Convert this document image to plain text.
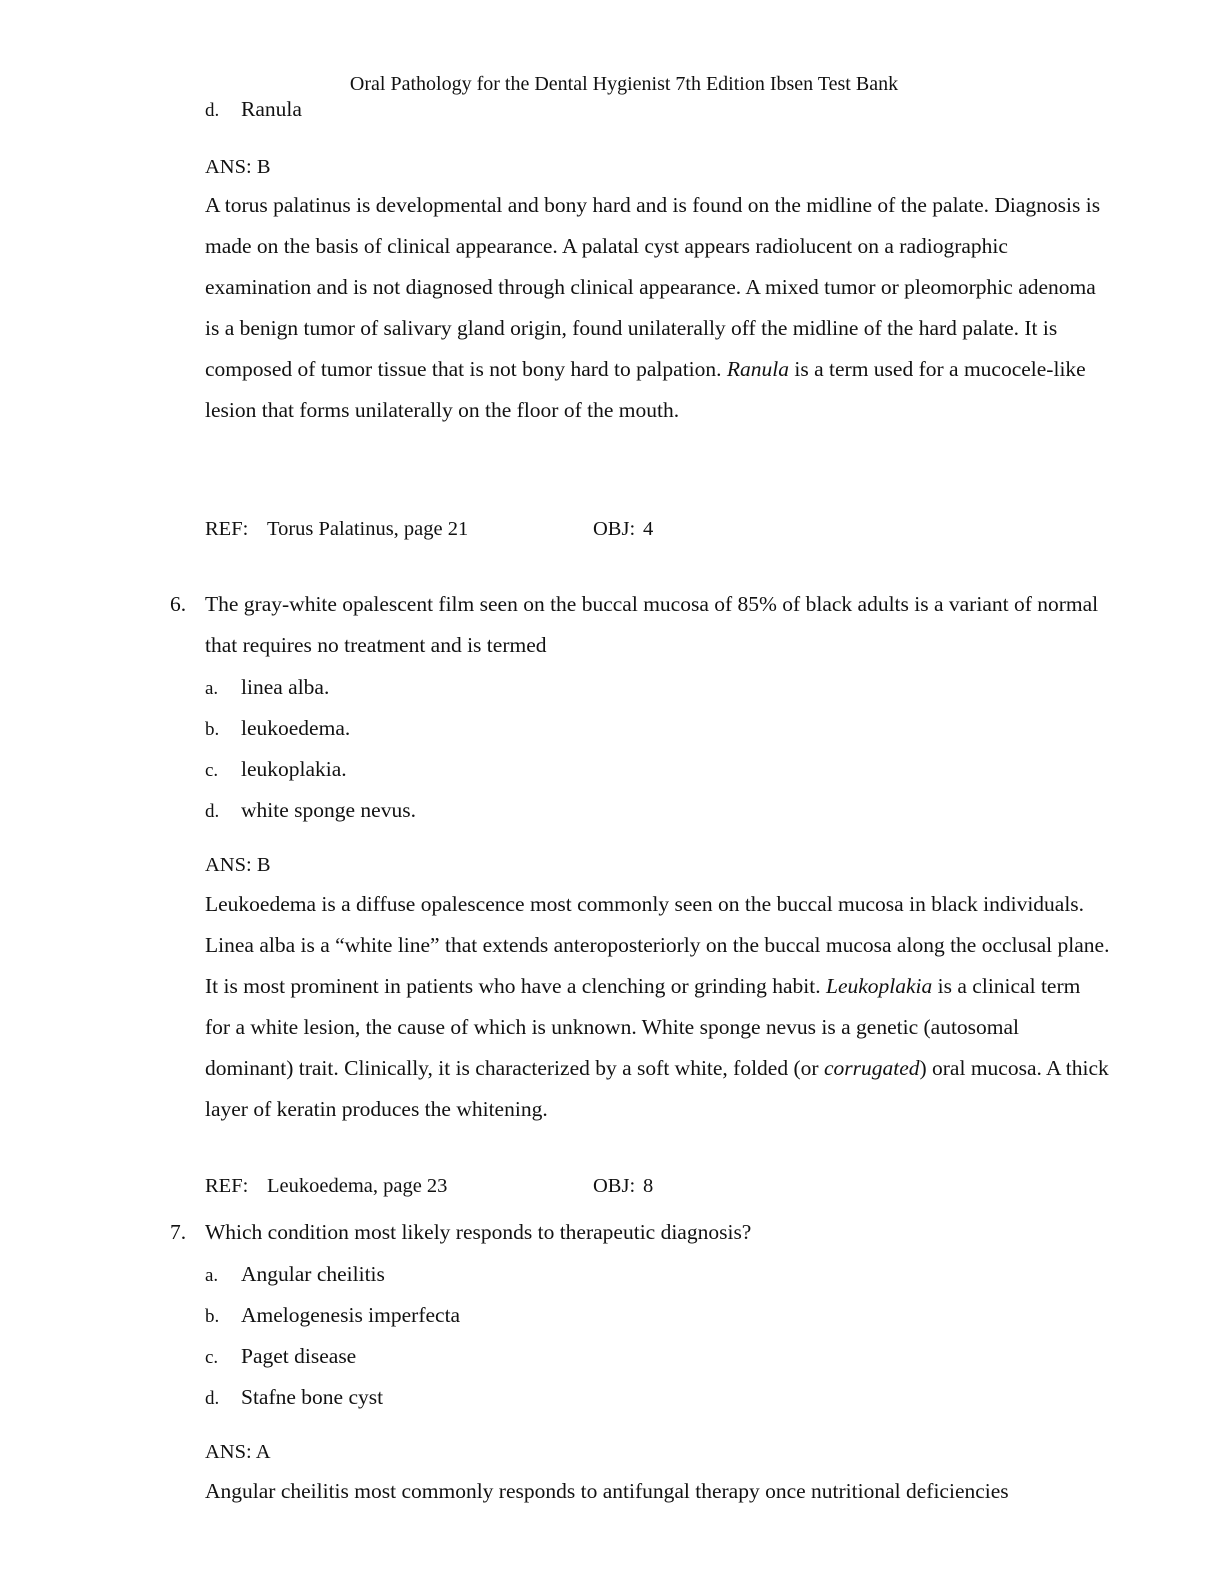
Oral Pathology for the Dental Hygienist 7th Edition Ibsen Test Bank
d. Ranula
ANS: B

A torus palatinus is developmental and bony hard and is found on the midline of the palate. Diagnosis is made on the basis of clinical appearance. A palatal cyst appears radiolucent on a radiographic examination and is not diagnosed through clinical appearance. A mixed tumor or pleomorphic adenoma is a benign tumor of salivary gland origin, found unilaterally off the midline of the hard palate. It is composed of tumor tissue that is not bony hard to palpation. Ranula is a term used for a mucocele-like lesion that forms unilaterally on the floor of the mouth.

REF: Torus Palatinus, page 21	OBJ: 4
6. The gray-white opalescent film seen on the buccal mucosa of 85% of black adults is a variant of normal that requires no treatment and is termed
a. linea alba.
b. leukoedema.
c. leukoplakia.
d. white sponge nevus.
ANS: B

Leukoedema is a diffuse opalescence most commonly seen on the buccal mucosa in black individuals. Linea alba is a “white line” that extends anteroposteriorly on the buccal mucosa along the occlusal plane. It is most prominent in patients who have a clenching or grinding habit. Leukoplakia is a clinical term for a white lesion, the cause of which is unknown. White sponge nevus is a genetic (autosomal dominant) trait. Clinically, it is characterized by a soft white, folded (or corrugated) oral mucosa. A thick layer of keratin produces the whitening.

REF: Leukoedema, page 23	OBJ: 8
7. Which condition most likely responds to therapeutic diagnosis?
a. Angular cheilitis
b. Amelogenesis imperfecta
c. Paget disease
d. Stafne bone cyst
ANS: A

Angular cheilitis most commonly responds to antifungal therapy once nutritional deficiencies
